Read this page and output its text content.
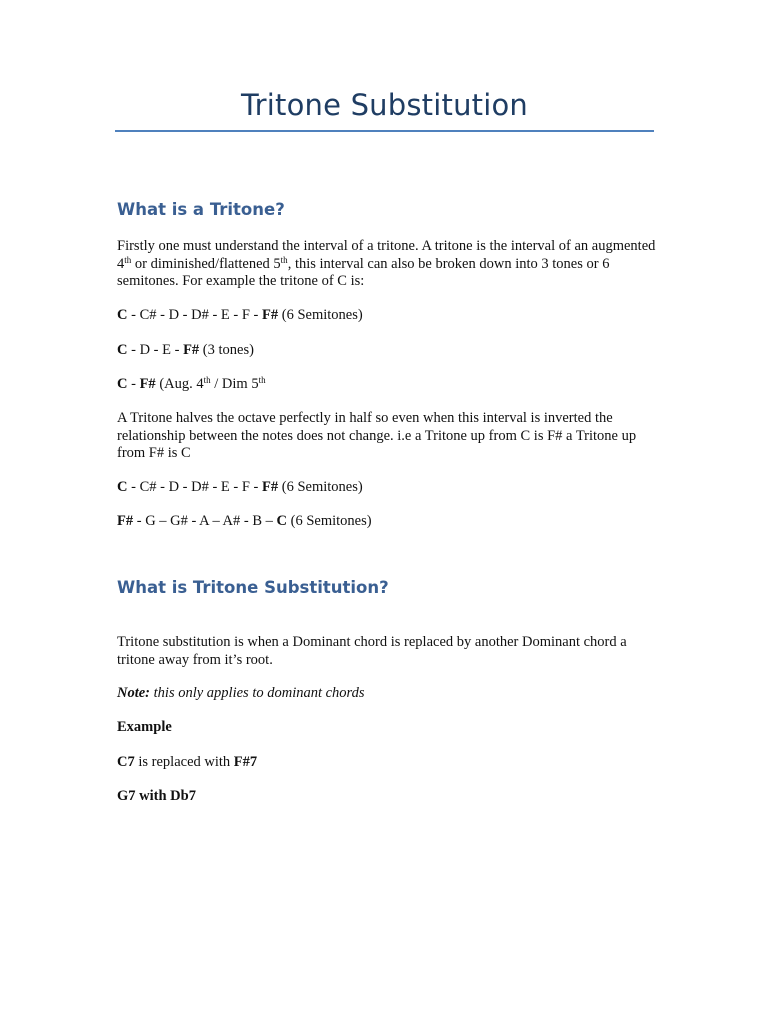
Tritone Substitution
What is a Tritone?

Firstly one must understand the interval of a tritone. A tritone is the interval of an augmented 4th or diminished/flattened 5th, this interval can also be broken down into 3 tones or 6 semitones. For example the tritone of C is:

C - C# - D - D# - E - F - F# (6 Semitones)

C - D - E - F# (3 tones)

C - F# (Aug. 4th / Dim 5th

A Tritone halves the octave perfectly in half so even when this interval is inverted the relationship between the notes does not change. i.e a Tritone up from C is F# a Tritone up from F# is C

C - C# - D - D# - E - F - F# (6 Semitones)

F# - G – G# - A – A# - B – C (6 Semitones)

What is Tritone Substitution?

Tritone substitution is when a Dominant chord is replaced by another Dominant chord a tritone away from it’s root.

Note: this only applies to dominant chords

Example

C7 is replaced with F#7

G7 with Db7
